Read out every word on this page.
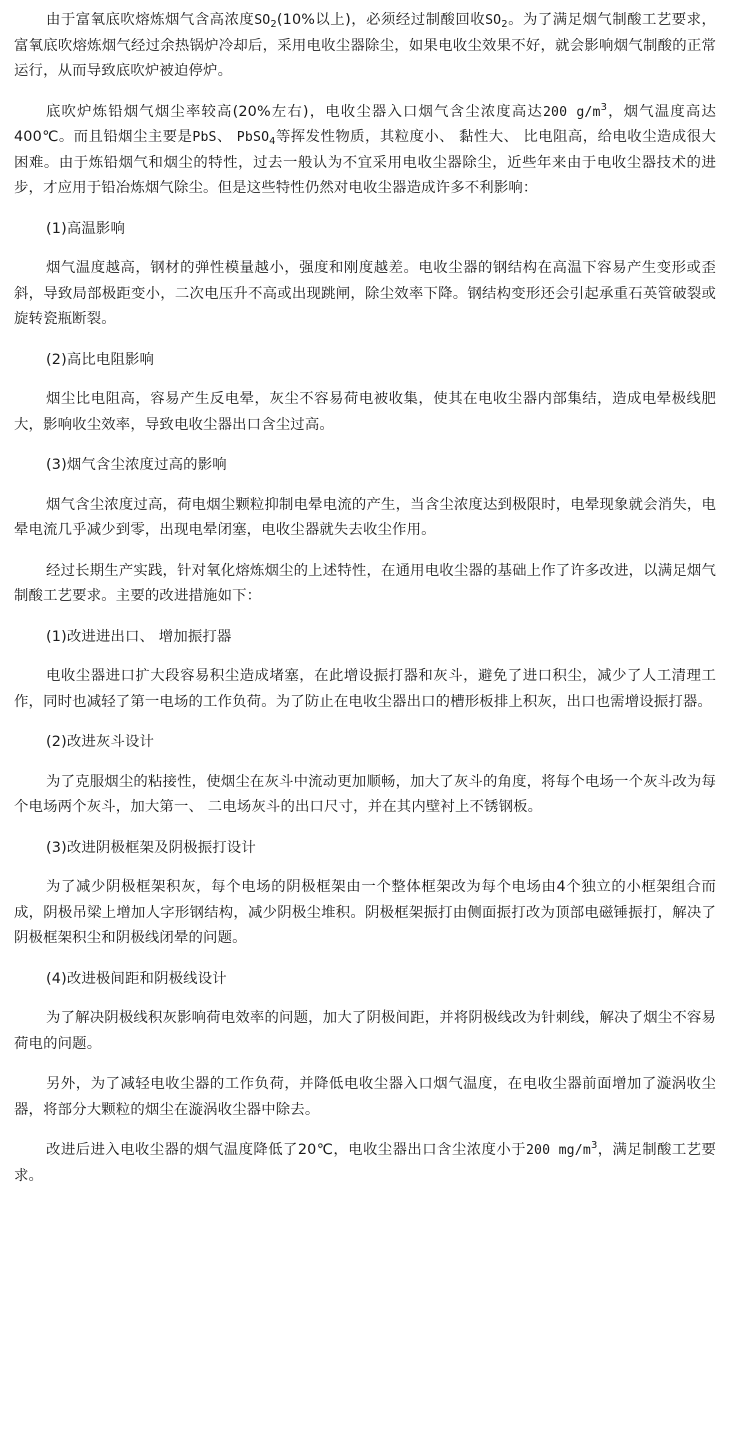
由于富氧底吹熔炼烟气含高浓度$SO_2(10\%$以上)，必须经过制酸回收$SO_2$。为了满足烟气制酸工艺要求，富氧底吹熔炼烟气经过余热锅炉冷却后，采用电收尘器除尘，如果电收尘效果不好，就会影响烟气制酸的正常运行，从而导致底吹炉被迫停炉。

底吹炉炼铅烟气烟尘率较高(20%左右)，电收尘器入口烟气含尘浓度高达200 $g/m^3$，烟气温度高达400℃。而且铅烟尘主要是PbS、 PbSO$_4$等挥发性物质，其粒度小、 黏性大、 比电阻高，给电收尘造成很大困难。由于炼铅烟气和烟尘的特性，过去一般认为不宜采用电收尘器除尘，近些年来由于电收尘器技术的进步，才应用于铅冶炼烟气除尘。但是这些特性仍然对电收尘器造成许多不利影响：

(1)高温影响

烟气温度越高，钢材的弹性模量越小，强度和刚度越差。电收尘器的钢结构在高温下容易产生变形或歪斜，导致局部极距变小，二次电压升不高或出现跳闸，除尘效率下降。钢结构变形还会引起承重石英管破裂或旋转瓷瓶断裂。

(2)高比电阻影响

烟尘比电阻高，容易产生反电晕，灰尘不容易荷电被收集，使其在电收尘器内部集结，造成电晕极线肥大，影响收尘效率，导致电收尘器出口含尘过高。

(3)烟气含尘浓度过高的影响

烟气含尘浓度过高，荷电烟尘颗粒抑制电晕电流的产生，当含尘浓度达到极限时，电晕现象就会消失，电晕电流几乎减少到零，出现电晕闭塞，电收尘器就失去收尘作用。

经过长期生产实践，针对氧化熔炼烟尘的上述特性，在通用电收尘器的基础上作了许多改进，以满足烟气制酸工艺要求。主要的改进措施如下：

(1)改进进出口、 增加振打器

电收尘器进口扩大段容易积尘造成堵塞，在此增设振打器和灰斗，避免了进口积尘，减少了人工清理工作，同时也减轻了第一电场的工作负荷。为了防止在电收尘器出口的槽形板排上积灰，出口也需增设振打器。

(2)改进灰斗设计

为了克服烟尘的粘接性，使烟尘在灰斗中流动更加顺畅，加大了灰斗的角度，将每个电场一个灰斗改为每个电场两个灰斗，加大第一、 二电场灰斗的出口尺寸，并在其内壁衬上不锈钢板。

(3)改进阴极框架及阴极振打设计

为了减少阴极框架积灰，每个电场的阴极框架由一个整体框架改为每个电场由4个独立的小框架组合而成，阴极吊梁上增加人字形钢结构，减少阴极尘堆积。阴极框架振打由侧面振打改为顶部电磁锤振打，解决了阴极框架积尘和阴极线闭晕的问题。

(4)改进极间距和阴极线设计

为了解决阴极线积灰影响荷电效率的问题，加大了阴极间距，并将阴极线改为针刺线，解决了烟尘不容易荷电的问题。

另外，为了减轻电收尘器的工作负荷，并降低电收尘器入口烟气温度，在电收尘器前面增加了漩涡收尘器，将部分大颗粒的烟尘在漩涡收尘器中除去。

改进后进入电收尘器的烟气温度降低了20℃，电收尘器出口含尘浓度小于200 $mg/m^3$，满足制酸工艺要求。
